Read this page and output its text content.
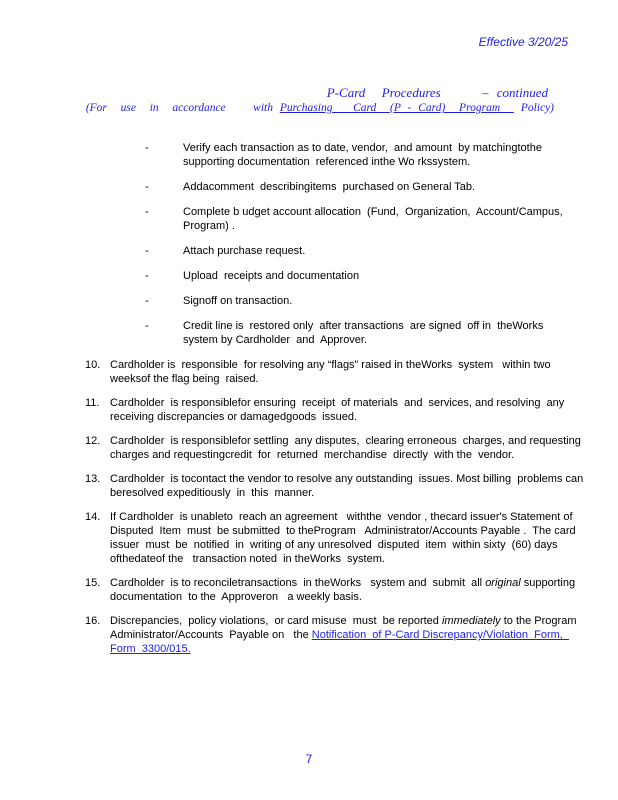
Effective 3/20/25
P-Card  Procedures     – continued
(For  use  in  accordance    with Purchasing   Card  (P - Card)  Program   Policy)
-	Verify each transaction as to date, vendor,  and amount  by matchingtothe supporting documentation  referenced inthe Wo rkssystem.
-	Addacomment  describingitems  purchased on General Tab.
-	Complete b udget account allocation  (Fund,  Organization,  Account/Campus, Program) .
-	Attach purchase request.
-	Upload  receipts and documentation
-	Signoff on transaction.
-	Credit line is  restored only  after transactions  are signed  off in  theWorks system by Cardholder  and  Approver.
10. Cardholder is  responsible  for resolving any “flags” raised in theWorks  system   within two weeksof the flag being  raised.
11. Cardholder  is responsiblefor ensuring  receipt  of materials  and  services, and resolving  any receiving discrepancies or damagedgoods  issued.
12. Cardholder  is responsiblefor settling  any disputes,  clearing erroneous  charges, and requesting charges and requestingcredit  for  returned  merchandise  directly  with the  vendor.
13. Cardholder  is tocontact the vendor to resolve any outstanding  issues. Most billing  problems can beresolved expeditiously  in  this  manner.
14. If Cardholder  is unableto  reach an agreement   withthe  vendor , thecard issuer's Statement of Disputed  Item  must  be submitted  to theProgram   Administrator/Accounts Payable .  The card issuer  must  be  notified  in  writing of any unresolved  disputed  item  within sixty  (60) days ofthedateof the   transaction noted  in theWorks  system.
15. Cardholder  is to reconciletransactions  in theWorks   system and  submit  all original supporting  documentation  to the  Approveron   a weekly basis.
16. Discrepancies,  policy violations,  or card misuse  must  be reported immediately to the Program Administrator/Accounts  Payable on   the Notification  of P-Card Discrepancy/Violation  Form,  Form  3300/015.
7
